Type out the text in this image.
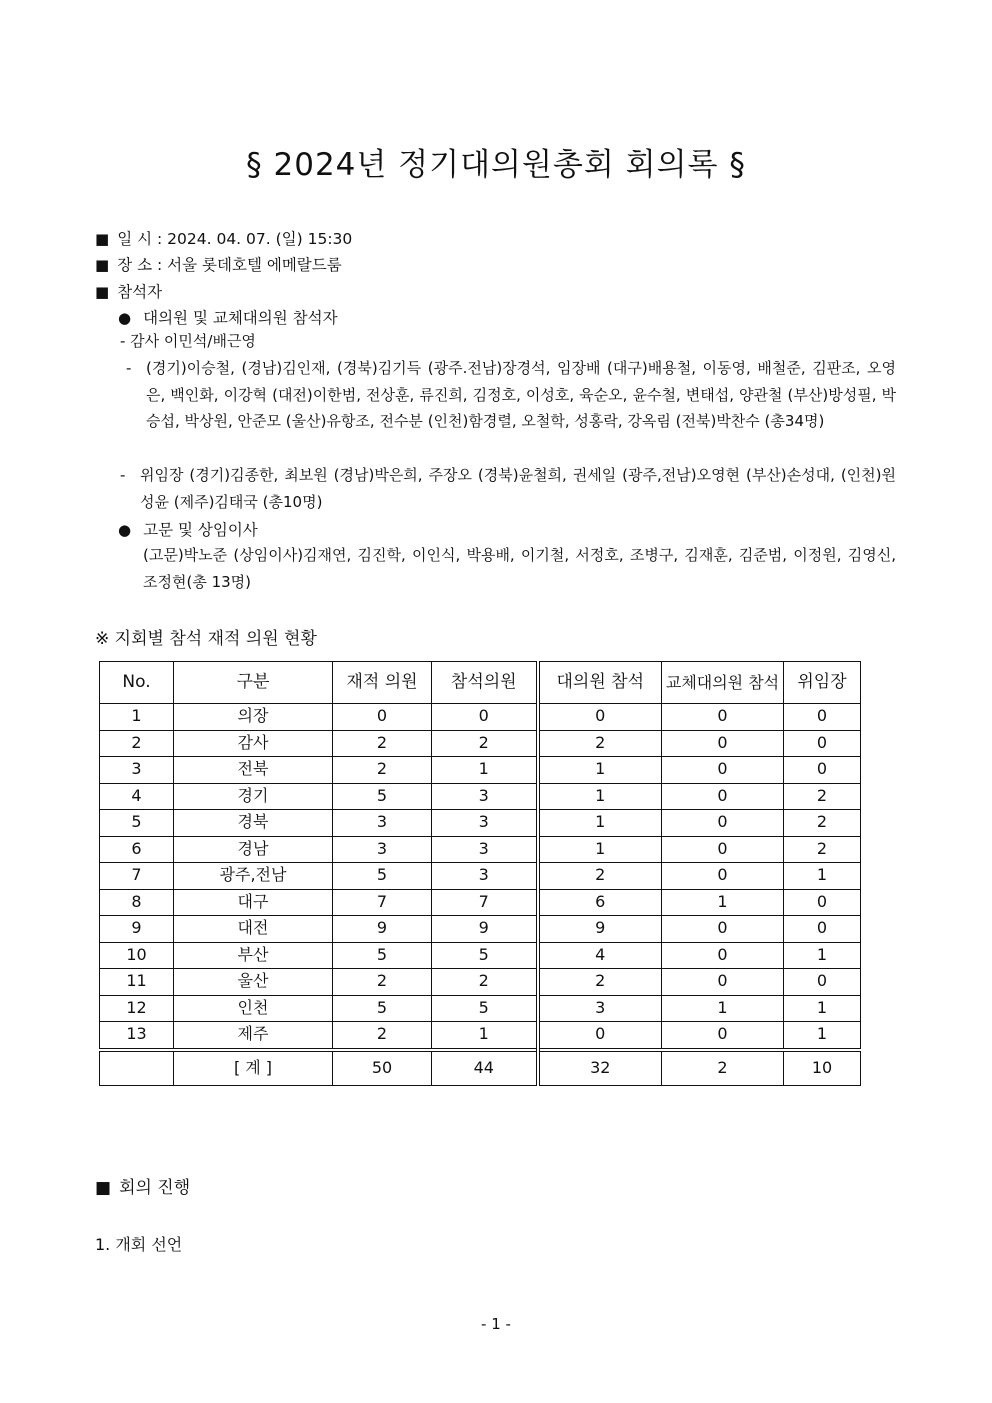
§ 2024년 정기대의원총회 회의록 §
■ 일 시 : 2024. 04. 07. (일) 15:30
■ 장 소 : 서울 롯데호텔 에메랄드룸
■ 참석자
● 대의원 및 교체대의원 참석자
- 감사 이민석/배근영
- (경기)이승철, (경남)김인재, (경북)김기득 (광주.전남)장경석, 임장배 (대구)배용철, 이동영, 배철준, 김판조, 오영은, 백인화, 이강혁 (대전)이한범, 전상훈, 류진희, 김정호, 이성호, 육순오, 윤수철, 변태섭, 양관철 (부산)방성필, 박승섭, 박상원, 안준모 (울산)유항조, 전수분 (인천)함경렬, 오철학, 성홍락, 강옥림 (전북)박찬수 (총34명)
- 위임장 (경기)김종한, 최보원 (경남)박은희, 주장오 (경북)윤철희, 권세일 (광주,전남)오영현 (부산)손성대, (인천)원성윤 (제주)김태국 (총10명)
● 고문 및 상임이사
(고문)박노준 (상임이사)김재연, 김진학, 이인식, 박용배, 이기철, 서정호, 조병구, 김재훈, 김준범, 이정원, 김영신, 조정현(총 13명)
※ 지회별 참석 재적 의원 현황
No.	구분	재적 의원	참석의원	대의원 참석	교체대의원 참석	위임장
1	의장	0	0	0	0	0
2	감사	2	2	2	0	0
3	전북	2	1	1	0	0
4	경기	5	3	1	0	2
5	경북	3	3	1	0	2
6	경남	3	3	1	0	2
7	광주,전남	5	3	2	0	1
8	대구	7	7	6	1	0
9	대전	9	9	9	0	0
10	부산	5	5	4	0	1
11	울산	2	2	2	0	0
12	인천	5	5	3	1	1
13	제주	2	1	0	0	1
	[ 계 ]	50	44	32	2	10
■ 회의 진행
1. 개회 선언
- 1 -
